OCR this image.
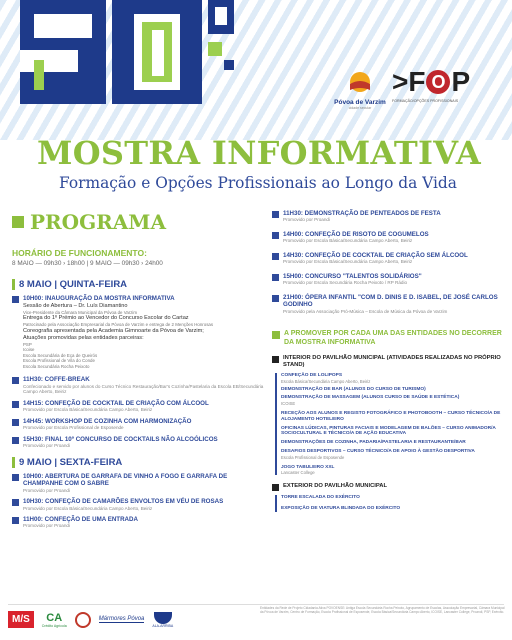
Póvoa de Varzim
cidade secular
>F O P
FORMAÇÃO/OPÇÕES PROFISSIONAIS
MOSTRA INFORMATIVA
Formação e Opções Profissionais ao Longo da Vida
PROGRAMA
HORÁRIO DE FUNCIONAMENTO:
8 MAIO — 09h30 › 18h00 | 9 MAIO — 09h30 › 24h00
8 MAIO | QUINTA-FEIRA
10H00: INAUGURAÇÃO DA MOSTRA INFORMATIVA
Sessão de Abertura – Dr. Luís Diamantino
Vice-Presidente da Câmara Municipal da Póvoa de Varzim
Entrega do 1º Prémio ao Vencedor do Concurso Escolar do Cartaz
Patrocinado pela Associação Empresarial da Póvoa de Varzim e entrega de 2 Menções Honrosas
Coreografia apresentada pela Academia Gimnoarte da Póvoa de Varzim;
Atuações promovidas pelas entidades parceiras:
PSP
Icoise
Escola Secundária de Eça de Queirós
Escola Profissional de Vila do Conde
Escola Secundária Rocha Peixoto
11H30: COFFE-BREAK
Confecionado e servido por alunos do Curso Técnico Restauração/Bar's Cozinha/Pastelaria da Escola EB/Secundária Campo Aberto, Beiriz
14H15: CONFEÇÃO DE COCKTAIL DE CRIAÇÃO COM ÁLCOOL
Promovido por Escola Básica/Secundária Campo Aberto, Beiriz
14H45: WORKSHOP DE COZINHA COM HARMONIZAÇÃO
Promovido por Escola Profissional de Esposende
15H30: FINAL 10º CONCURSO DE COCKTAILS NÃO ALCOÓLICOS
Promovido por Proandi
9 MAIO | SEXTA-FEIRA
10H00: ABERTURA DE GARRAFA DE VINHO A FOGO E GARRAFA DE CHAMPANHE COM O SABRE
Promovido por Proandi
10H30: CONFEÇÃO DE CAMARÕES ENVOLTOS EM VÉU DE ROSAS
Promovido por Escola Básica/Secundária Campo Aberto, Beiriz
11H00: CONFEÇÃO DE UMA ENTRADA
Promovido por Proandi
11H30: DEMONSTRAÇÃO DE PENTEADOS DE FESTA
Promovido por Proandi
14H00: CONFEÇÃO DE RISOTO DE COGUMELOS
Promovido por Escola Básica/Secundária Campo Aberto, Beiriz
14H30: CONFEÇÃO DE COCKTAIL DE CRIAÇÃO SEM ÁLCOOL
Promovido por Escola Básica/Secundária Campo Aberto, Beiriz
15H00: CONCURSO "TALENTOS SOLIDÁRIOS"
Promovido por Escola Secundária Rocha Peixoto / RP Rádio
21H00: ÓPERA INFANTIL "COM D. DINIS E D. ISABEL, DE JOSÉ CARLOS GODINHO
Promovido pela Associação Pró-Música – Escola de Música da Póvoa de Varzim
A PROMOVER POR CADA UMA DAS ENTIDADES NO DECORRER DA MOSTRA INFORMATIVA
INTERIOR DO PAVILHÃO MUNICIPAL (ATIVIDADES REALIZADAS NO PRÓPRIO STAND)
CONFEÇÃO DE LOLIPOPS
Escola Básica/Secundária Campo Aberto, Beiriz
DEMONSTRAÇÃO DE BAR (ALUNOS DO CURSO DE TURISMO)
DEMONSTRAÇÃO DE MASSAGEM (ALUNOS CURSO DE SAÚDE E ESTÉTICA)
ICOISE
RECEÇÃO AOS ALUNOS E REGISTO FOTOGRÁFICO E PHOTOBOOTH – CURSO TÉCNICO/A DE ALOJAMENTO HOTELEIRO
OFICINAS LÚDICAS, PINTURAS FACIAIS E MODELAGEM DE BALÕES – CURSO ANIMADOR/A SOCIOCULTURAL E TÉCNICO/A DE AÇÃO EDUCATIVA
DEMONSTRAÇÕES DE COZINHA, PADARIA/PASTELARIA E RESTAURANTE/BAR
DESAFIOS DESPORTIVOS – CURSO TÉCNICO/A DE APOIO À GESTÃO DESPORTIVA
Escola Profissional de Esposende
JOGO TABULEIRO XXL
Lancaster College
EXTERIOR DO PAVILHÃO MUNICIPAL
TORRE ESCALADA DO EXÉRCITO
EXPOSIÇÃO DE VIATURA BLINDADA DO EXÉRCITO
M/S	CA
Crédito Agrícola
Mármores Póvoa
ALA-ARRIBA
Entidades da Rede de Projeto Cidadania Ativa POVOENSE: Antiga Escola Secundária Rocha Peixoto, Agrupamento de Escolas, Associação Empresarial, Câmara Municipal da Póvoa de Varzim, Centro de Formação, Escola Profissional de Esposende, Escola Básica/Secundária Campo Aberto, ICOISE, Lancaster College, Proandi, PSP, Exército.
